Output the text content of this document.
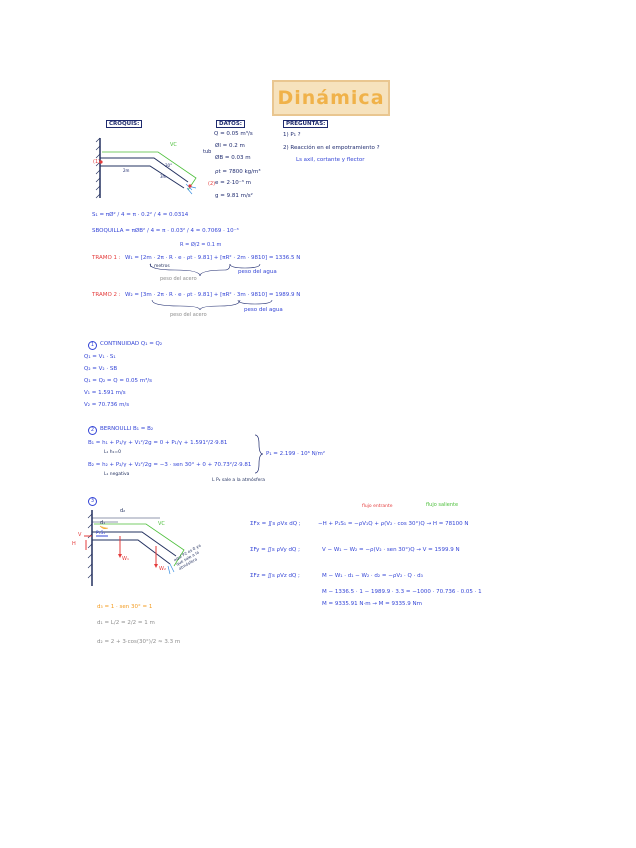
Dinámica
CROQUIS:	DATOS:	PREGUNTAS:
VC
(1)
(2)
2m
3m
30°
Q = 0.05 m³/s
tub
Øl = 0.2 m
ØB = 0.03 m
ρt = 7800 kg/m³
e = 2·10⁻³ m
g = 9.81 m/s²
1) P₁ ?
2) Reacción en el empotramiento ?
Ls axil, cortante y flector
S₁ = πØ² / 4 = π · 0.2² / 4 = 0.0314
SBOQUILLA = πØB² / 4 = π · 0.03² / 4 = 0.7069 · 10⁻³
R = Ø/2 = 0.1 m
TRAMO 1 : W₁ = [2m · 2π · R · e · ρt · 9.81] + [πR² · 2m · 9810] = 1336.5 N
L metros
peso del acero
peso del agua
TRAMO 2 : W₂ = [3m · 2π · R · e · ρt · 9.81] + [πR² · 3m · 9810] = 1989.9 N
peso del acero
peso del agua
1	CONTINUIDAD Q₁ = Q₂
Q₁ = V₁ · S₁
Q₂ = V₂ · SB
Q₁ = Q₂ = Q = 0.05 m³/s
V₁ = 1.591 m/s
V₂ = 70.736 m/s
2	BERNOULLI B₁ = B₂
B₁ = h₁ + P₁/γ + V₁²/2g = 0 + P₁/γ + 1.591²/2·9.81
L₁ h₁=0
B₂ = h₂ + P₂/γ + V₂²/2g = −3 · sen 30° + 0 + 70.73²/2·9.81
L₁ negativa
P₁ = 2.199 · 10⁶ N/m²
L P₂ sale a la atmósfera
3
d₂
d₁	VC
H
V
W₁
W₂
P₁S₁
aquí P2 es 0 ya que sale a la atmósfera
flujo entrante	flujo saliente
ΣFx = ∬s ρVx dQ ;	−H + P₁S₁ = −ρV₁Q + ρ(V₂ · cos 30°)Q → H = 78100 N
ΣFy = ∬s ρVy dQ ;	V − W₁ − W₂ = −ρ(V₂ · sen 30°)Q → V = 1599.9 N
ΣFz = ∬s ρVz dQ ;	M − W₁ · d₁ − W₂ · d₂ = −ρV₂ · Q · d₃
M − 1336.5 · 1 − 1989.9 · 3.3 = −1000 · 70.736 · 0.05 · 1
M = 9335.91 N·m → M = 9335.9 Nm
d₃ = 1 · sen 30° = 1
d₁ = L/2 = 2/2 = 1 m
d₂ = 2 + 3·cos(30°)/2 ≈ 3.3 m
